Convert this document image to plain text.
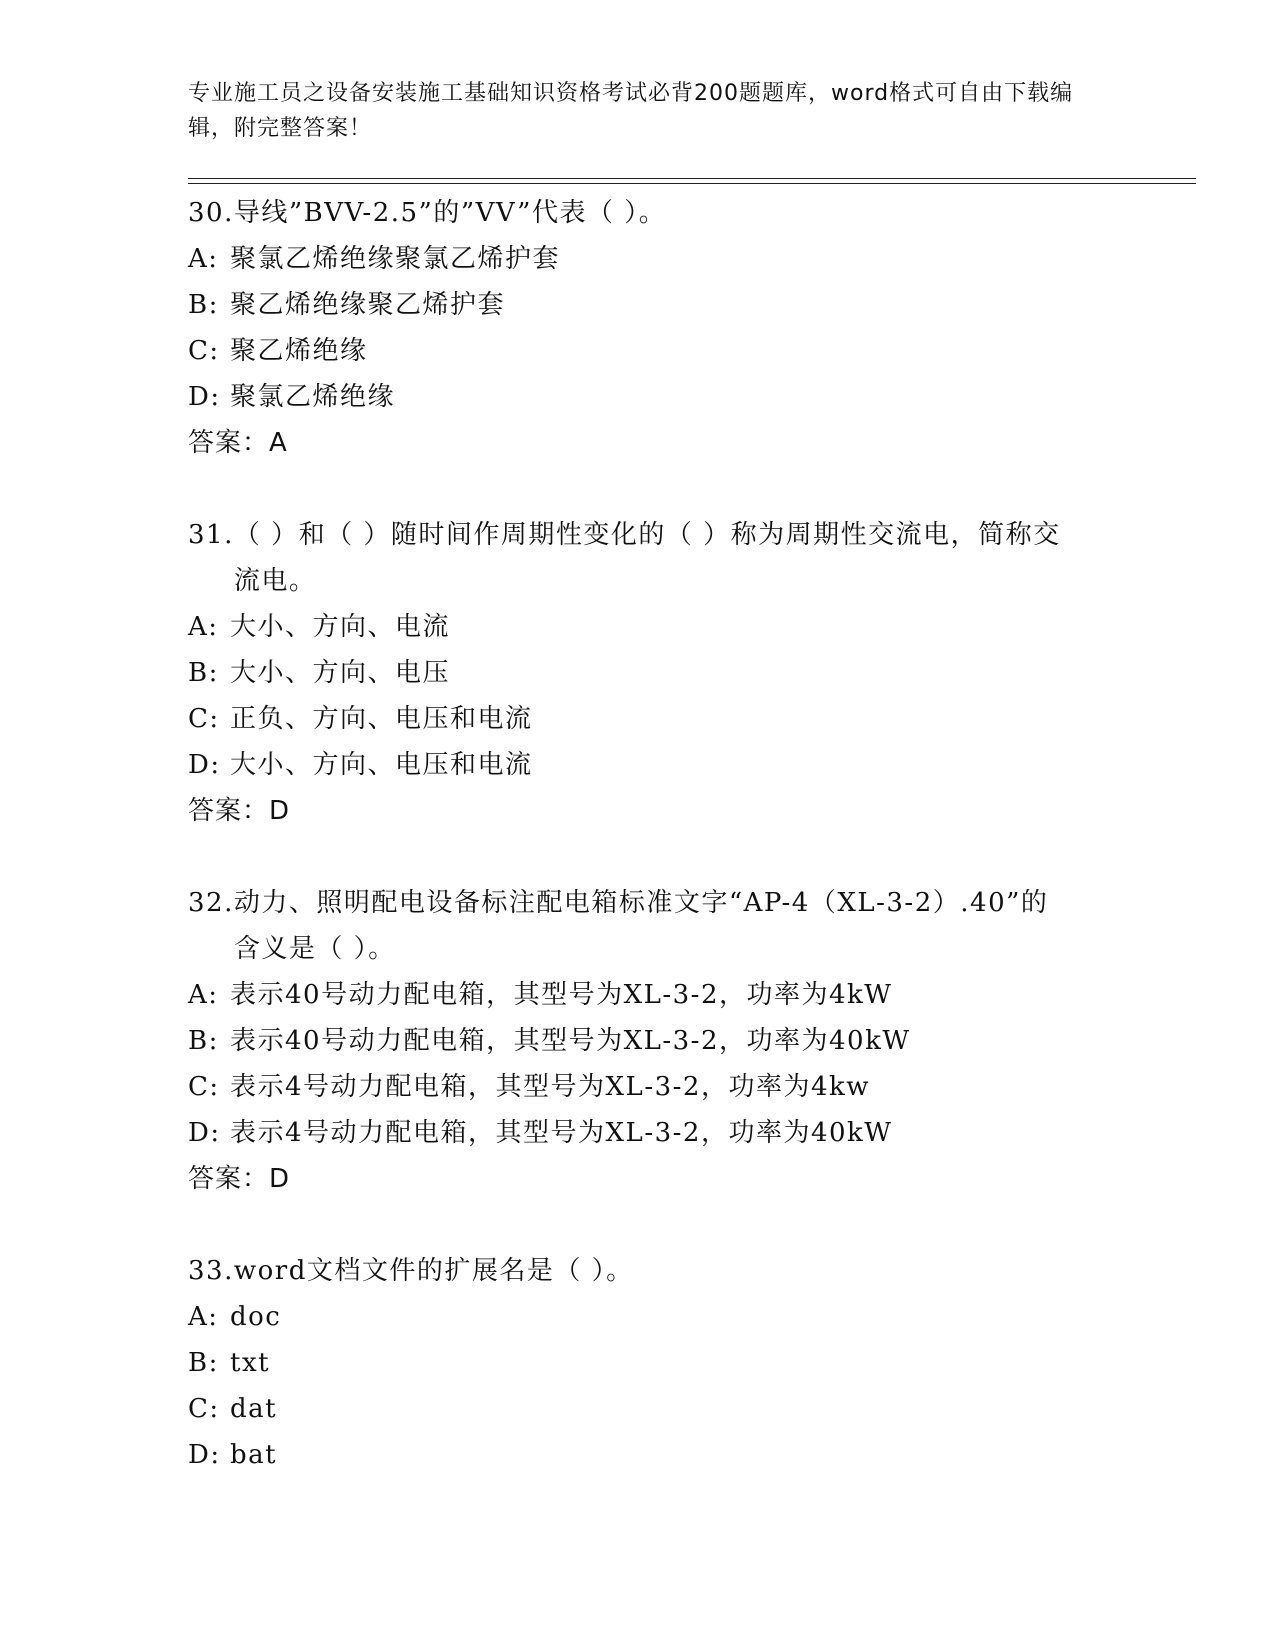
专业施工员之设备安装施工基础知识资格考试必背200题题库，word格式可自由下载编辑，附完整答案！

30. 导线”BVV-2.5”的”VV”代表（ ）。

A: 聚氯乙烯绝缘聚氯乙烯护套

B: 聚乙烯绝缘聚乙烯护套

C: 聚乙烯绝缘

D: 聚氯乙烯绝缘

答案：A

31. （ ）和（ ）随时间作周期性变化的（ ）称为周期性交流电，简称交流电。

A: 大小、方向、电流

B: 大小、方向、电压

C: 正负、方向、电压和电流

D: 大小、方向、电压和电流

答案：D

32. 动力、照明配电设备标注配电箱标准文字“AP-4（XL-3-2）.40”的含义是（ ）。

A: 表示40号动力配电箱，其型号为XL-3-2，功率为4kW

B: 表示40号动力配电箱，其型号为XL-3-2，功率为40kW

C: 表示4号动力配电箱，其型号为XL-3-2，功率为4kw

D: 表示4号动力配电箱，其型号为XL-3-2，功率为40kW

答案：D

33. word文档文件的扩展名是（ ）。

A: doc

B: txt

C: dat

D: bat
